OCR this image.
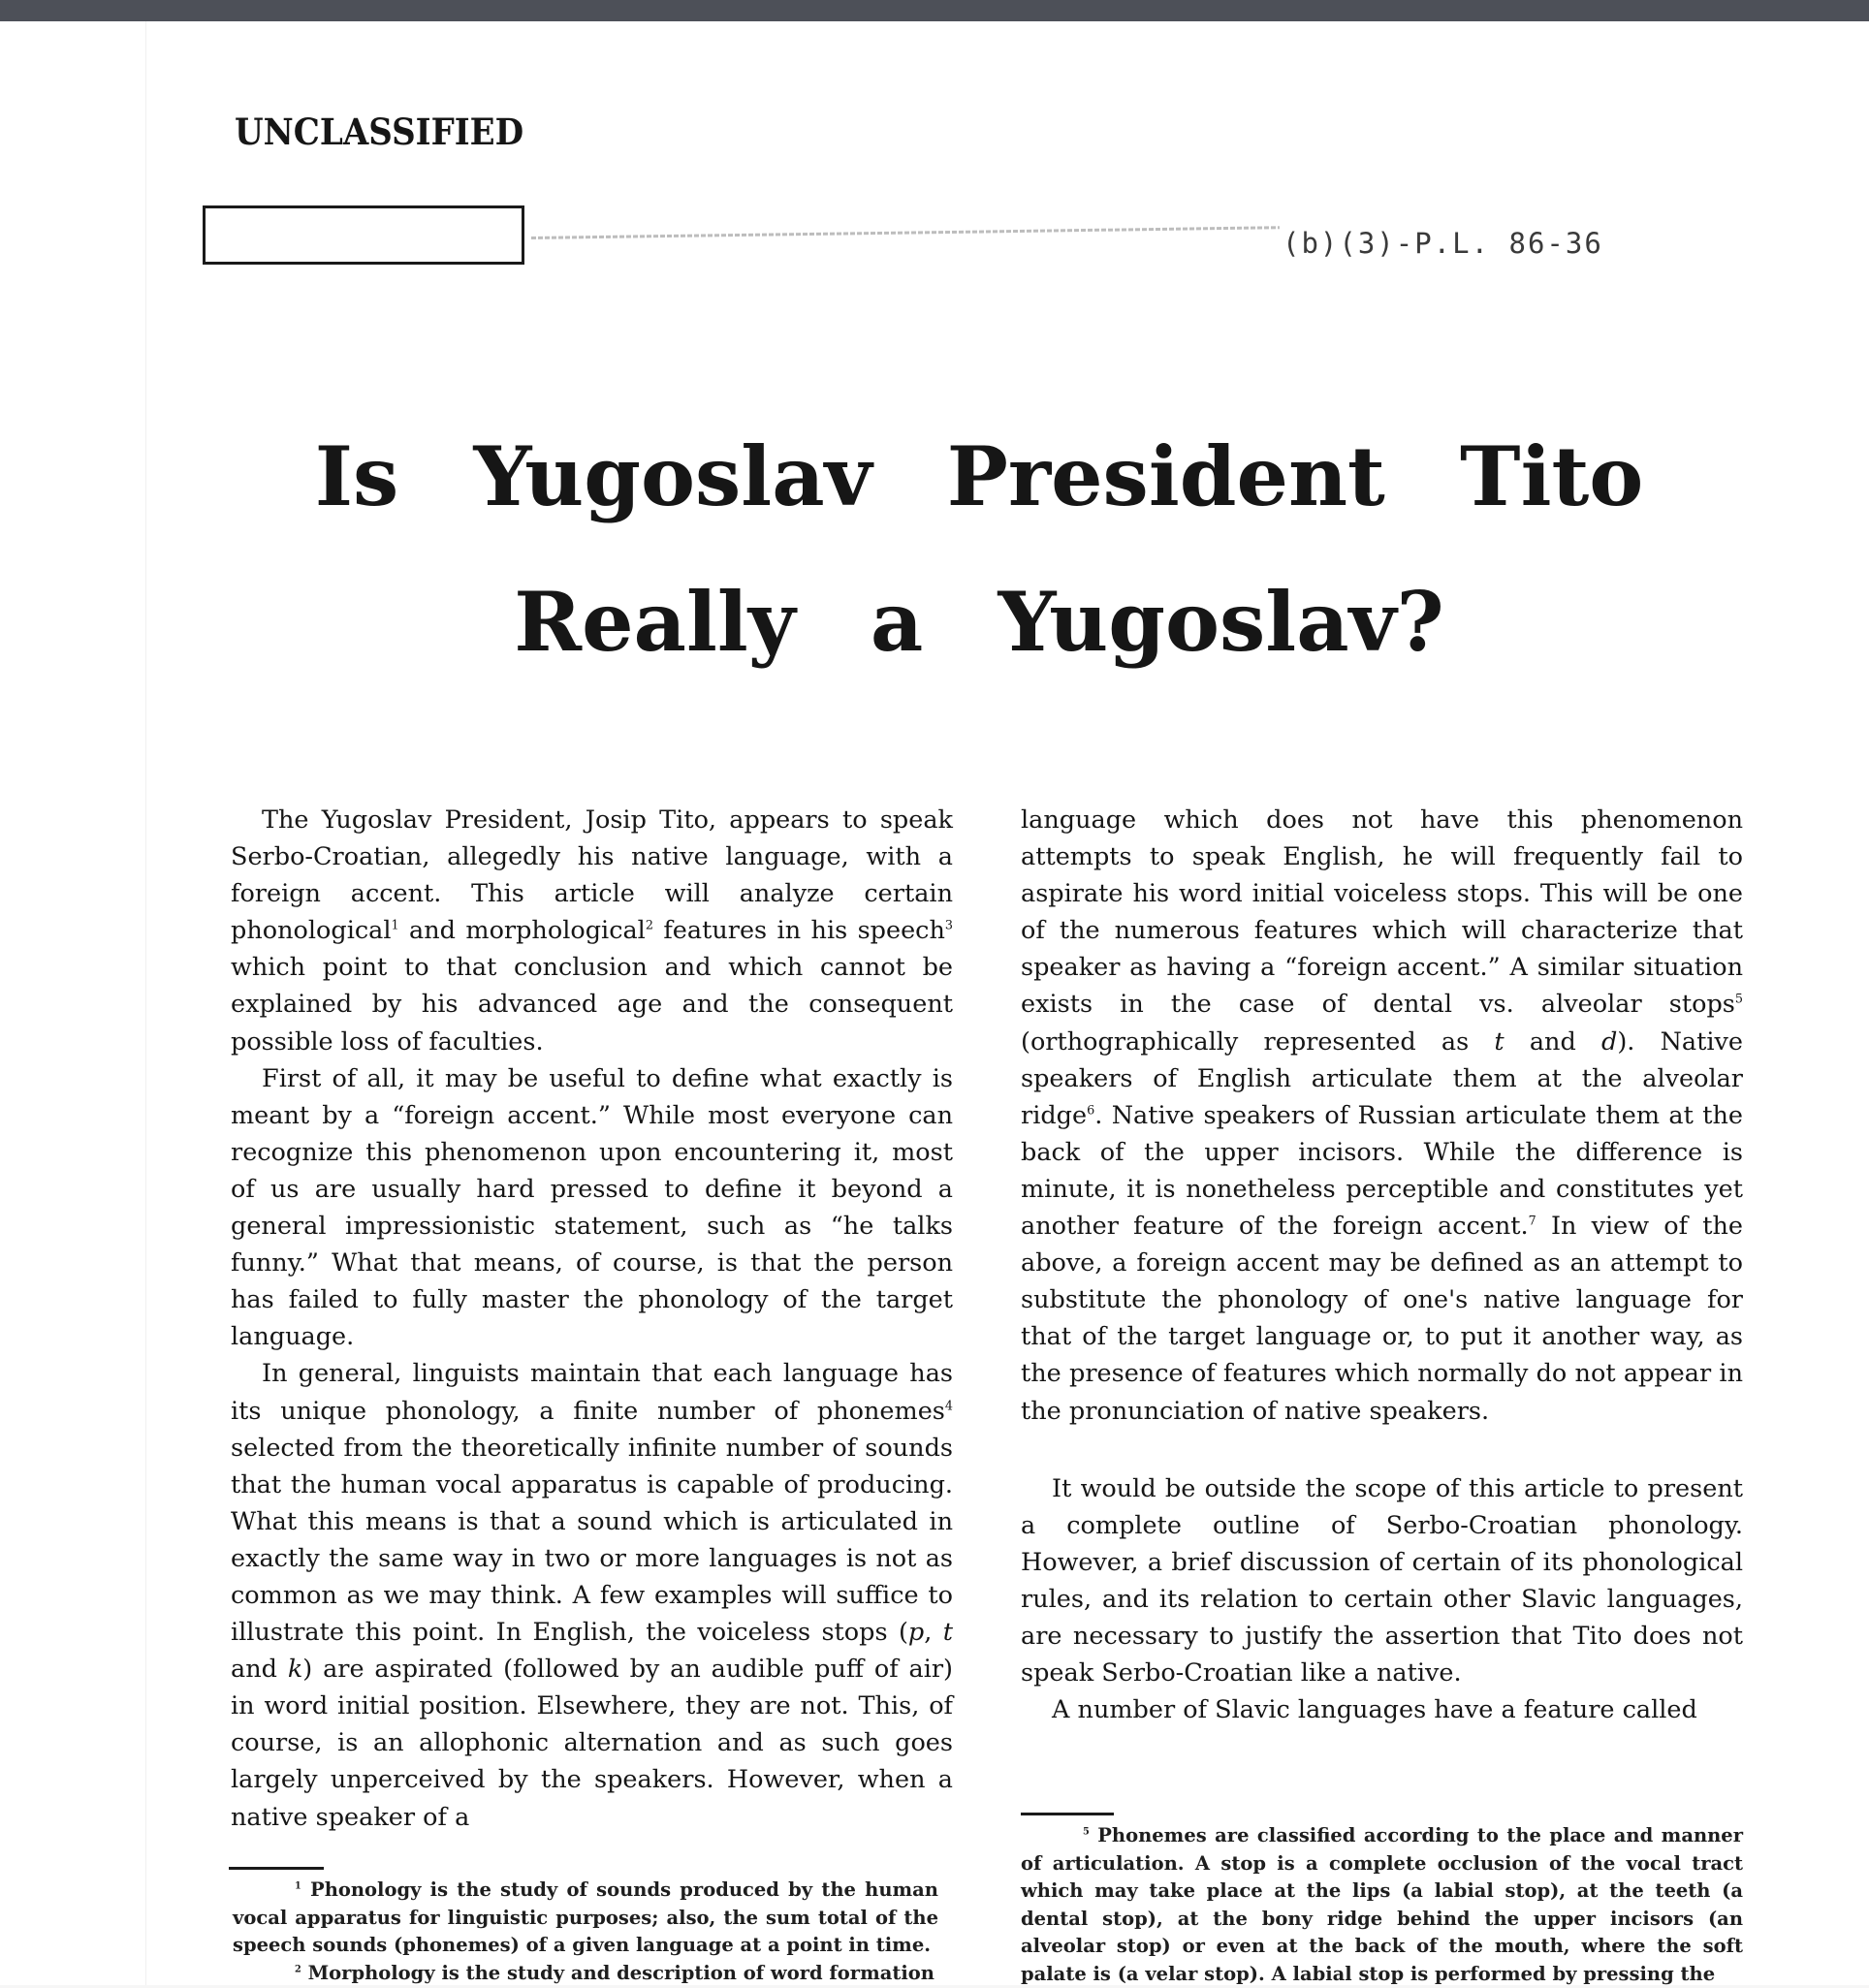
UNCLASSIFIED
(b)(3)-P.L. 86-36
Is Yugoslav President Tito
Really a Yugoslav?

The Yugoslav President, Josip Tito, appears to speak Serbo-Croatian, allegedly his native language, with a foreign accent. This article will analyze certain phonological$^1$ and morphological$^2$ features in his speech$^3$ which point to that conclusion and which cannot be explained by his advanced age and the consequent possible loss of faculties.

First of all, it may be useful to define what exactly is meant by a “foreign accent.” While most everyone can recognize this phenomenon upon encountering it, most of us are usually hard pressed to define it beyond a general impressionistic statement, such as “he talks funny.” What that means, of course, is that the person has failed to fully master the phonology of the target language.

In general, linguists maintain that each language has its unique phonology, a finite number of phonemes$^4$ selected from the theoretically infinite number of sounds that the human vocal apparatus is capable of producing. What this means is that a sound which is articulated in exactly the same way in two or more languages is not as common as we may think. A few examples will suffice to illustrate this point. In English, the voiceless stops (p, t and k) are aspirated (followed by an audible puff of air) in word initial position. Elsewhere, they are not. This, of course, is an allophonic alternation and as such goes largely unperceived by the speakers. However, when a native speaker of a

language which does not have this phenomenon attempts to speak English, he will frequently fail to aspirate his word initial voiceless stops. This will be one of the numerous features which will characterize that speaker as having a “foreign accent.” A similar situation exists in the case of dental vs. alveolar stops$^5$ (orthographically represented as t and d). Native speakers of English articulate them at the alveolar ridge$^6$. Native speakers of Russian articulate them at the back of the upper incisors. While the difference is minute, it is nonetheless perceptible and constitutes yet another feature of the foreign accent.$^7$ In view of the above, a foreign accent may be defined as an attempt to substitute the phonology of one's native language for that of the target language or, to put it another way, as the presence of features which normally do not appear in the pronunciation of native speakers.

It would be outside the scope of this article to present a complete outline of Serbo-Croatian phonology. However, a brief discussion of certain of its phonological rules, and its relation to certain other Slavic languages, are necessary to justify the assertion that Tito does not speak Serbo-Croatian like a native.

A number of Slavic languages have a feature called

$^1$ Phonology is the study of sounds produced by the human vocal apparatus for linguistic purposes; also, the sum total of the speech sounds (phonemes) of a given language at a point in time.

$^2$ Morphology is the study and description of word formation

$^5$ Phonemes are classified according to the place and manner of articulation. A stop is a complete occlusion of the vocal tract which may take place at the lips (a labial stop), at the teeth (a dental stop), at the bony ridge behind the upper incisors (an alveolar stop) or even at the back of the mouth, where the soft palate is (a velar stop). A labial stop is performed by pressing the
